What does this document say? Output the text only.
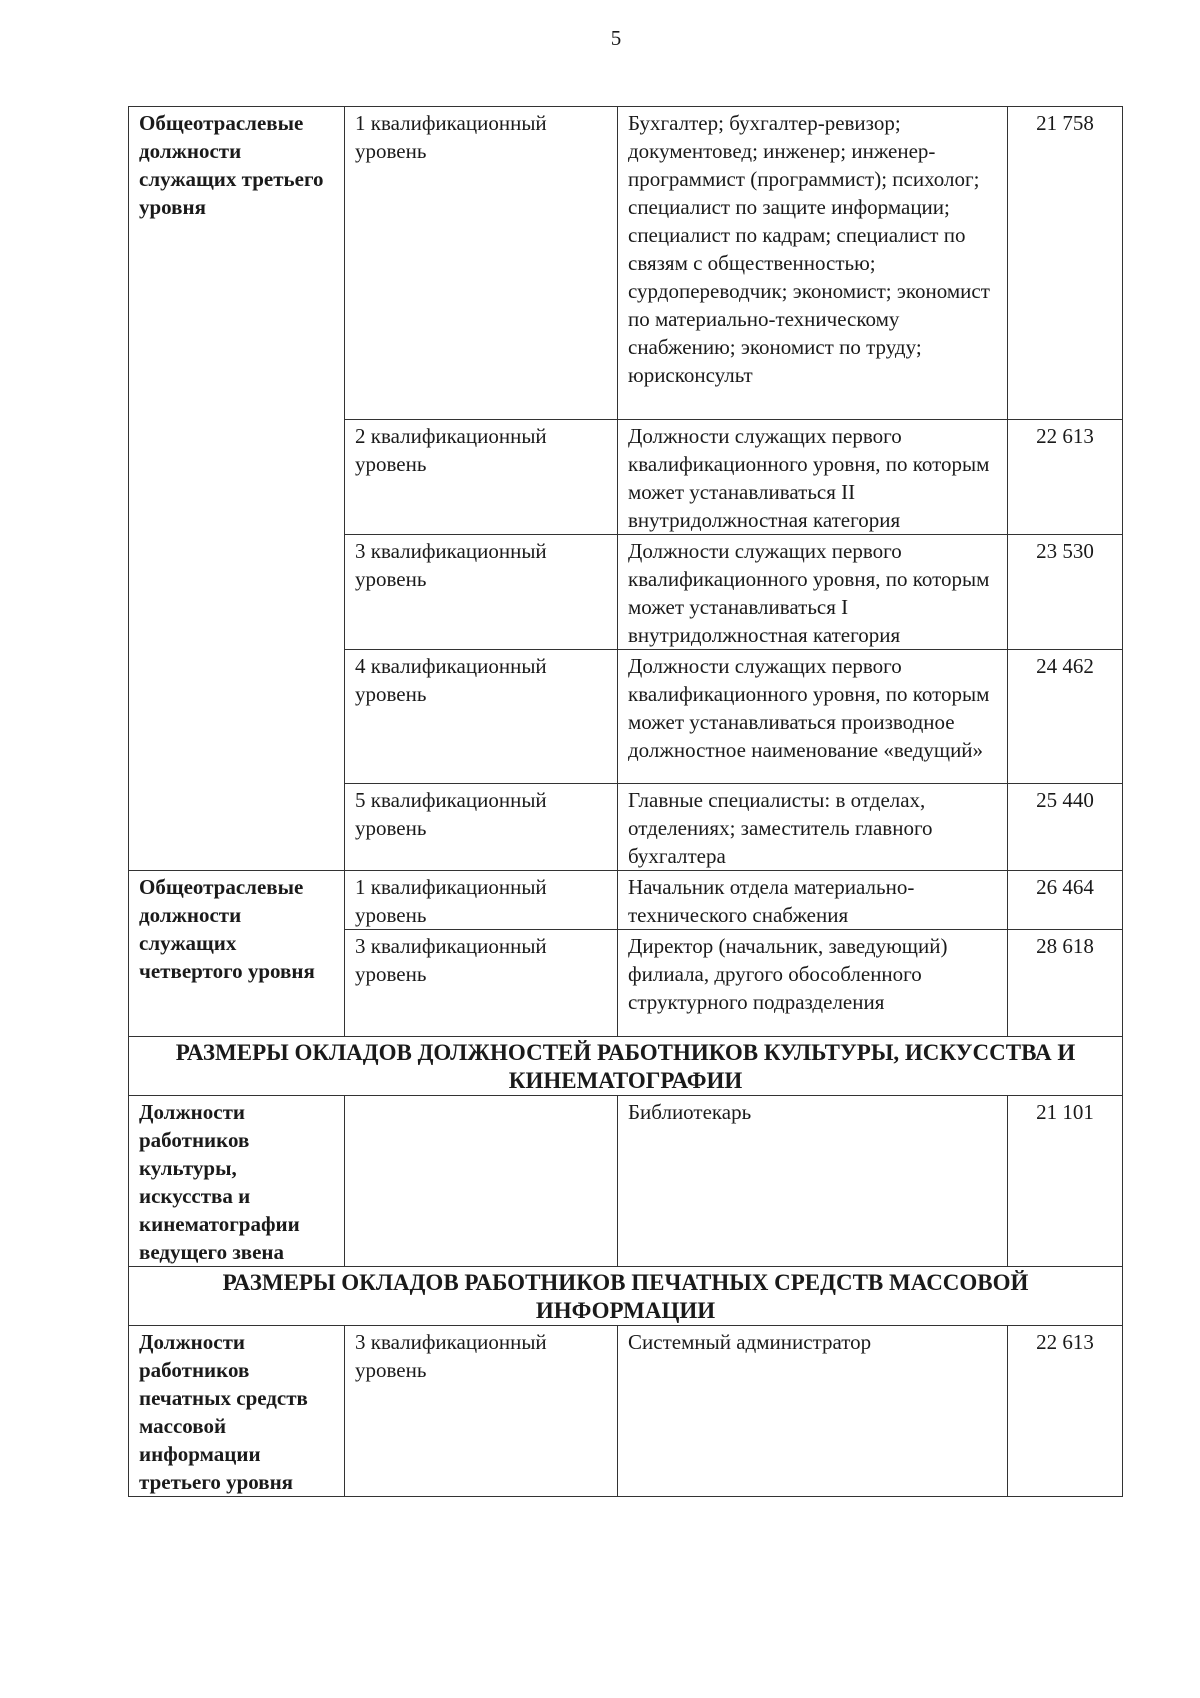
5
Общеотраслевые должности служащих третьего уровня	1 квалификационный уровень	Бухгалтер; бухгалтер-ревизор; документовед; инженер; инженер-программист (программист); психолог; специалист по защите информации; специалист по кадрам; специалист по связям с общественностью; сурдопереводчик; экономист; экономист по материально-техническому снабжению; экономист по труду; юрисконсульт	21 758
	2 квалификационный уровень	Должности служащих первого квалификационного уровня, по которым может устанавливаться II внутридолжностная категория	22 613
	3 квалификационный уровень	Должности служащих первого квалификационного уровня, по которым может устанавливаться I внутридолжностная категория	23 530
	4 квалификационный уровень	Должности служащих первого квалификационного уровня, по которым может устанавливаться производное должностное наименование «ведущий»	24 462
	5 квалификационный уровень	Главные специалисты: в отделах, отделениях; заместитель главного бухгалтера	25 440
Общеотраслевые должности служащих четвертого уровня	1 квалификационный уровень	Начальник отдела материально-технического снабжения	26 464
	3 квалификационный уровень	Директор (начальник, заведующий) филиала, другого обособленного структурного подразделения	28 618
РАЗМЕРЫ ОКЛАДОВ ДОЛЖНОСТЕЙ РАБОТНИКОВ КУЛЬТУРЫ, ИСКУССТВА И КИНЕМАТОГРАФИИ			
Должности работников культуры, искусства и кинематографии ведущего звена		Библиотекарь	21 101
РАЗМЕРЫ ОКЛАДОВ РАБОТНИКОВ ПЕЧАТНЫХ СРЕДСТВ МАССОВОЙ ИНФОРМАЦИИ			
Должности работников печатных средств массовой информации третьего уровня	3 квалификационный уровень	Системный администратор	22 613
